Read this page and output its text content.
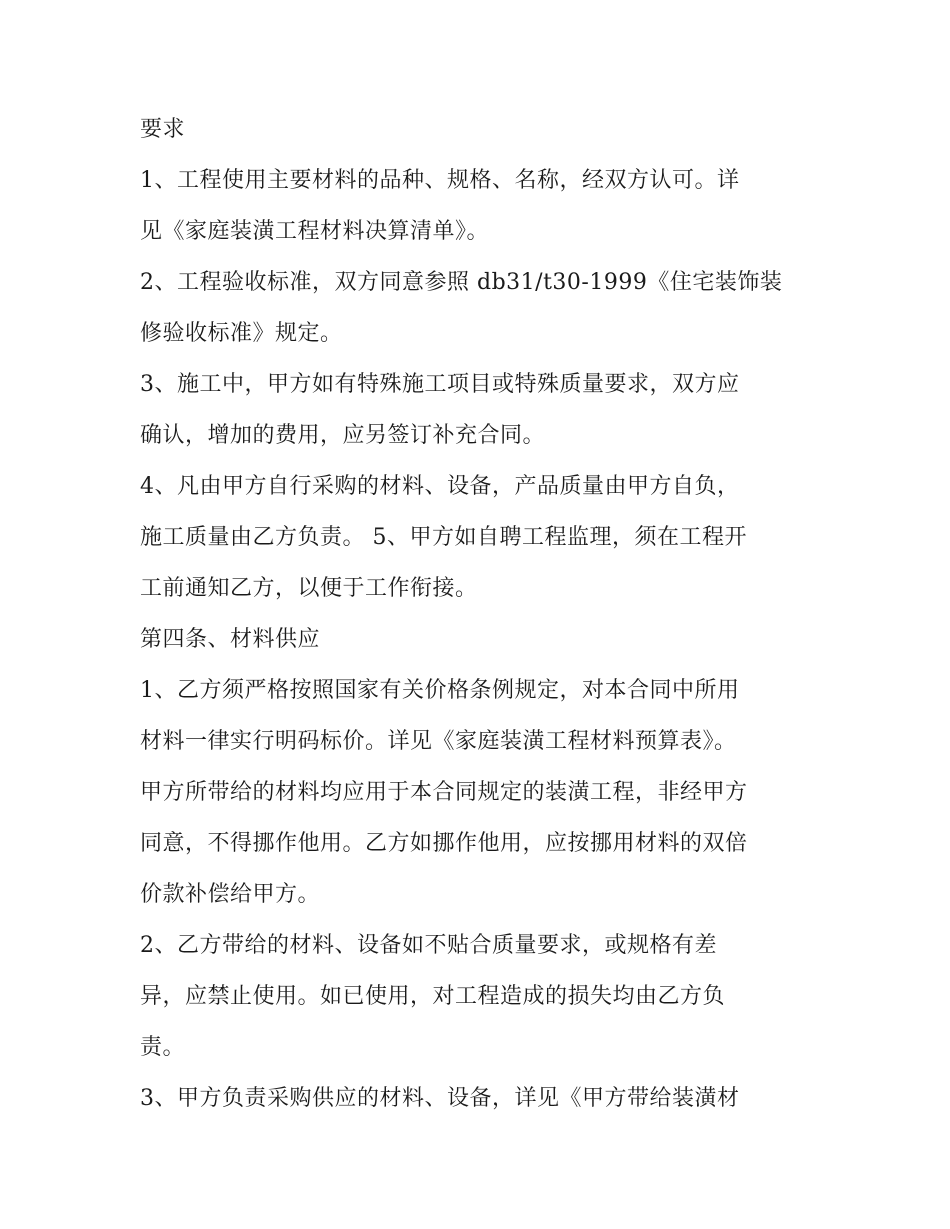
要求

1、工程使用主要材料的品种、规格、名称，经双方认可。详

见《家庭装潢工程材料决算清单》。

2、工程验收标准，双方同意参照 db31/t30-1999《住宅装饰装

修验收标准》规定。

3、施工中，甲方如有特殊施工项目或特殊质量要求，双方应

确认，增加的费用，应另签订补充合同。

4、凡由甲方自行采购的材料、设备，产品质量由甲方自负，

施工质量由乙方负责。 5、甲方如自聘工程监理，须在工程开

工前通知乙方，以便于工作衔接。

第四条、材料供应

1、乙方须严格按照国家有关价格条例规定，对本合同中所用

材料一律实行明码标价。详见《家庭装潢工程材料预算表》。

甲方所带给的材料均应用于本合同规定的装潢工程，非经甲方

同意，不得挪作他用。乙方如挪作他用，应按挪用材料的双倍

价款补偿给甲方。

2、乙方带给的材料、设备如不贴合质量要求，或规格有差

异，应禁止使用。如已使用，对工程造成的损失均由乙方负

责。

3、甲方负责采购供应的材料、设备，详见《甲方带给装潢材
